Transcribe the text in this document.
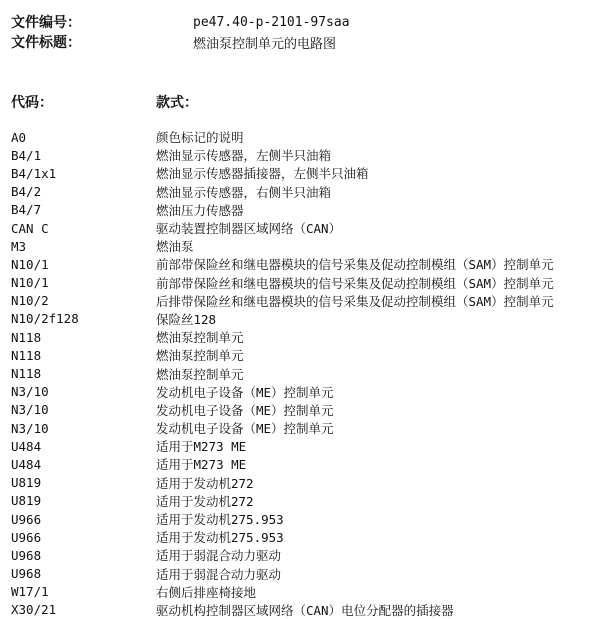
文件编号：	pe47.40-p-2101-97saa
文件标题：	燃油泵控制单元的电路图
代码：	款式：
A0	颜色标记的说明
B4/1	燃油显示传感器，左侧半只油箱
B4/1x1	燃油显示传感器插接器，左侧半只油箱
B4/2	燃油显示传感器，右侧半只油箱
B4/7	燃油压力传感器
CAN C	驱动装置控制器区域网络（CAN）
M3	燃油泵
N10/1	前部带保险丝和继电器模块的信号采集及促动控制模组（SAM）控制单元
N10/1	前部带保险丝和继电器模块的信号采集及促动控制模组（SAM）控制单元
N10/2	后排带保险丝和继电器模块的信号采集及促动控制模组（SAM）控制单元
N10/2f128	保险丝128
N118	燃油泵控制单元
N118	燃油泵控制单元
N118	燃油泵控制单元
N3/10	发动机电子设备（ME）控制单元
N3/10	发动机电子设备（ME）控制单元
N3/10	发动机电子设备（ME）控制单元
U484	适用于M273 ME
U484	适用于M273 ME
U819	适用于发动机272
U819	适用于发动机272
U966	适用于发动机275.953
U966	适用于发动机275.953
U968	适用于弱混合动力驱动
U968	适用于弱混合动力驱动
W17/1	右侧后排座椅接地
X30/21	驱动机构控制器区域网络（CAN）电位分配器的插接器
